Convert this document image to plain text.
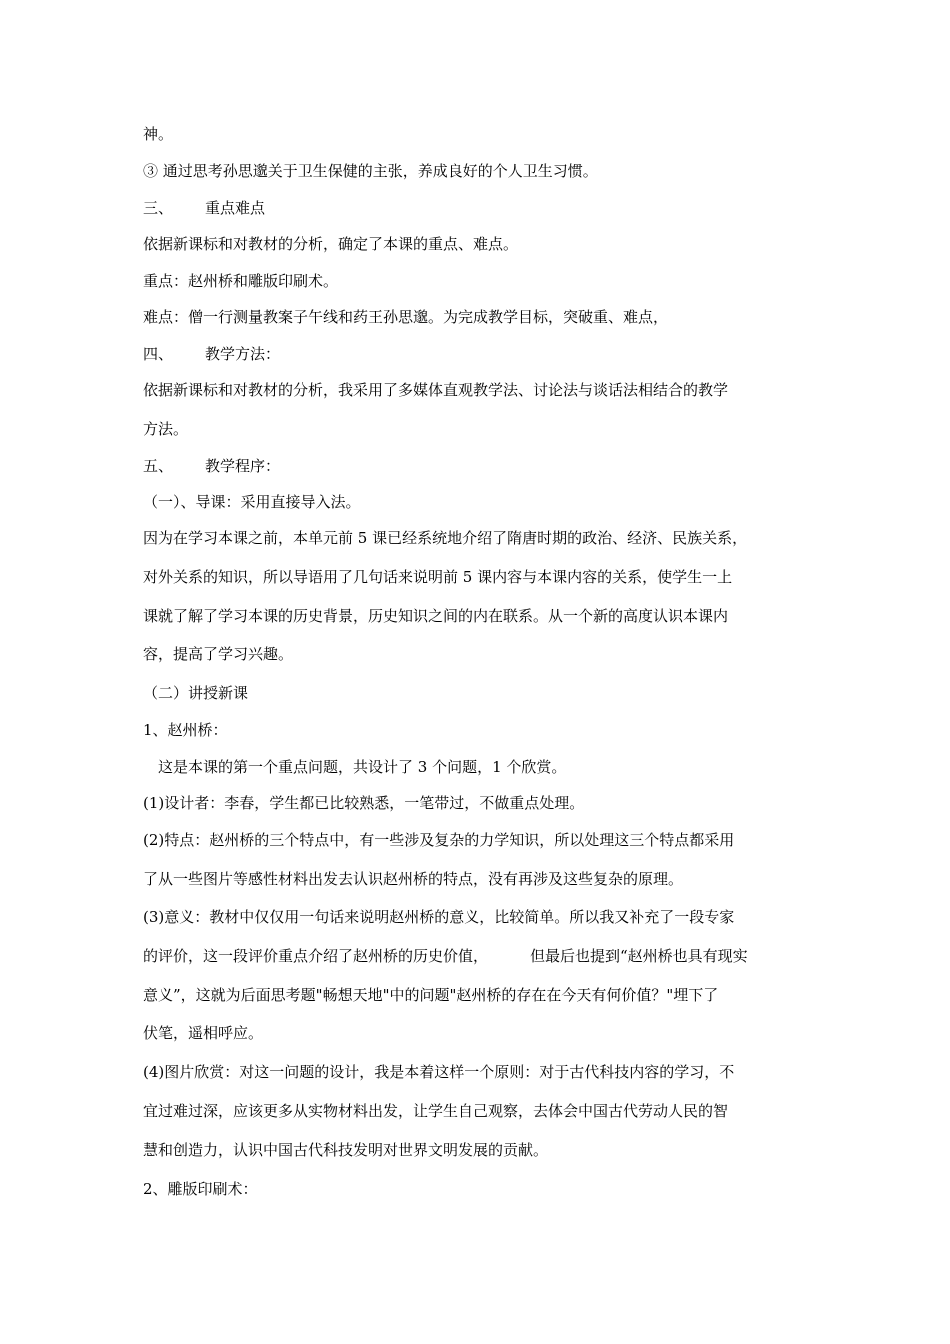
神。

③ 通过思考孙思邈关于卫生保健的主张，养成良好的个人卫生习惯。

三、 重点难点

依据新课标和对教材的分析，确定了本课的重点、难点。

重点：赵州桥和雕版印刷术。

难点：僧一行测量教案子午线和药王孙思邈。为完成教学目标，突破重、难点，

四、 教学方法：

依据新课标和对教材的分析，我采用了多媒体直观教学法、讨论法与谈话法相结合的教学

方法。

五、 教学程序：

（一）、导课：采用直接导入法。

因为在学习本课之前，本单元前 5 课已经系统地介绍了隋唐时期的政治、经济、民族关系，

对外关系的知识，所以导语用了几句话来说明前 5 课内容与本课内容的关系，使学生一上

课就了解了学习本课的历史背景，历史知识之间的内在联系。从一个新的高度认识本课内

容，提高了学习兴趣。

（二）讲授新课

1、赵州桥：

这是本课的第一个重点问题，共设计了 3 个问题，1 个欣赏。

(1)设计者：李春，学生都已比较熟悉，一笔带过，不做重点处理。

(2)特点：赵州桥的三个特点中，有一些涉及复杂的力学知识，所以处理这三个特点都采用

了从一些图片等感性材料出发去认识赵州桥的特点，没有再涉及这些复杂的原理。

(3)意义：教材中仅仅用一句话来说明赵州桥的意义，比较简单。所以我又补充了一段专家

的评价，这一段评价重点介绍了赵州桥的历史价值，	但最后也提到“赵州桥也具有现实

意义”，这就为后面思考题"畅想天地"中的问题"赵州桥的存在在今天有何价值？"埋下了

伏笔，遥相呼应。

(4)图片欣赏：对这一问题的设计，我是本着这样一个原则：对于古代科技内容的学习，不

宜过难过深，应该更多从实物材料出发，让学生自己观察，去体会中国古代劳动人民的智

慧和创造力，认识中国古代科技发明对世界文明发展的贡献。

2、雕版印刷术：
